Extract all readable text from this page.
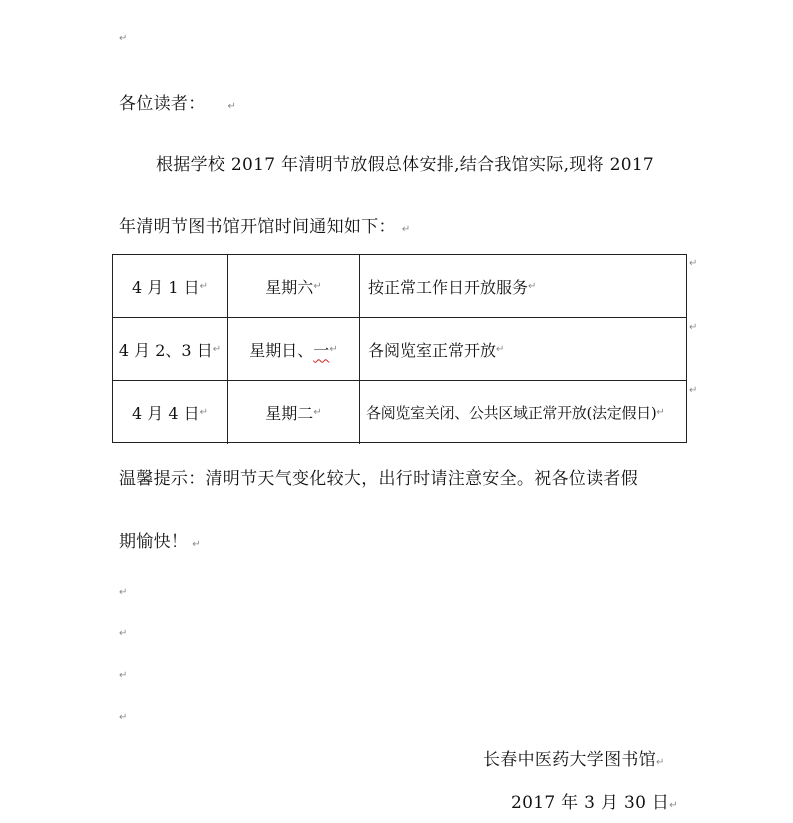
↵
各位读者： ↵
根据学校 2017 年清明节放假总体安排,结合我馆实际,现将 2017
年清明节图书馆开馆时间通知如下： ↵
4 月 1 日 ↵	星期六 ↵	按正常工作日开放服务 ↵
4 月 2、3 日 ↵ 星期日、 一 ↵ 各阅览室正常开放 ↵
4 月 4 日 ↵	星期二 ↵	各阅览室关闭、公共区域正常开放(法定假日) ↵
↵
↵
↵
温馨提示：清明节天气变化较大，出行时请注意安全。祝各位读者假
期愉快！ ↵
↵
↵
↵
↵
长春中医药大学图书馆↵
2017 年 3 月 30 日↵
